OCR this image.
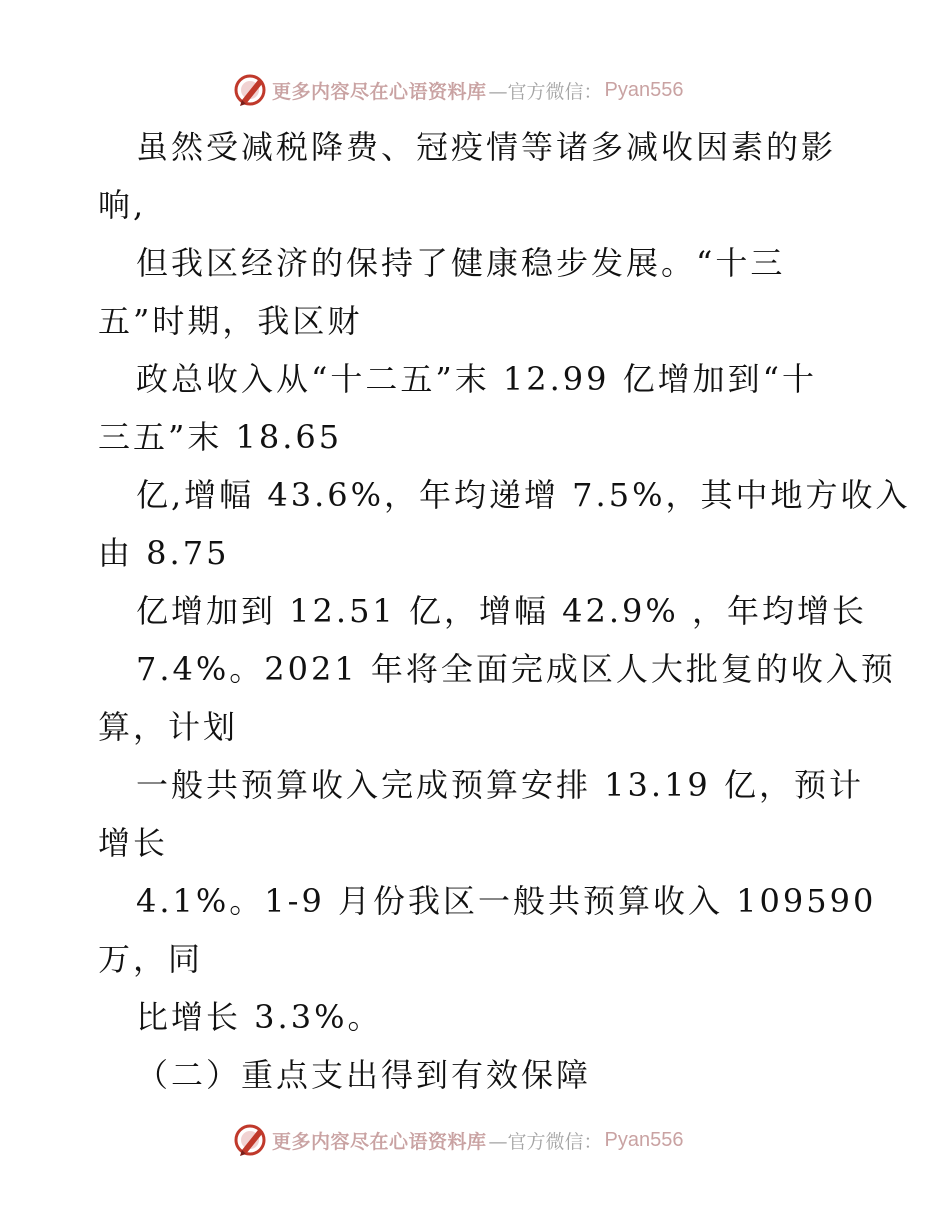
更多内容尽在心语资料库 —官方微信： Pyan556
虽然受减税降费、冠疫情等诸多减收因素的影
响,
但我区经济的保持了健康稳步发展。“十三
五”时期，我区财
政总收入从“十二五”末 12.99 亿增加到“十
三五”末 18.65
亿,增幅 43.6%，年均递增 7.5%，其中地方收入
由 8.75
亿增加到 12.51 亿，增幅 42.9% ，年均增长
7.4%。2021 年将全面完成区人大批复的收入预
算，计划
一般共预算收入完成预算安排 13.19 亿，预计
增长
4.1%。1-9 月份我区一般共预算收入 109590
万，同
比增长 3.3%。
（二）重点支出得到有效保障
更多内容尽在心语资料库 —官方微信： Pyan556
